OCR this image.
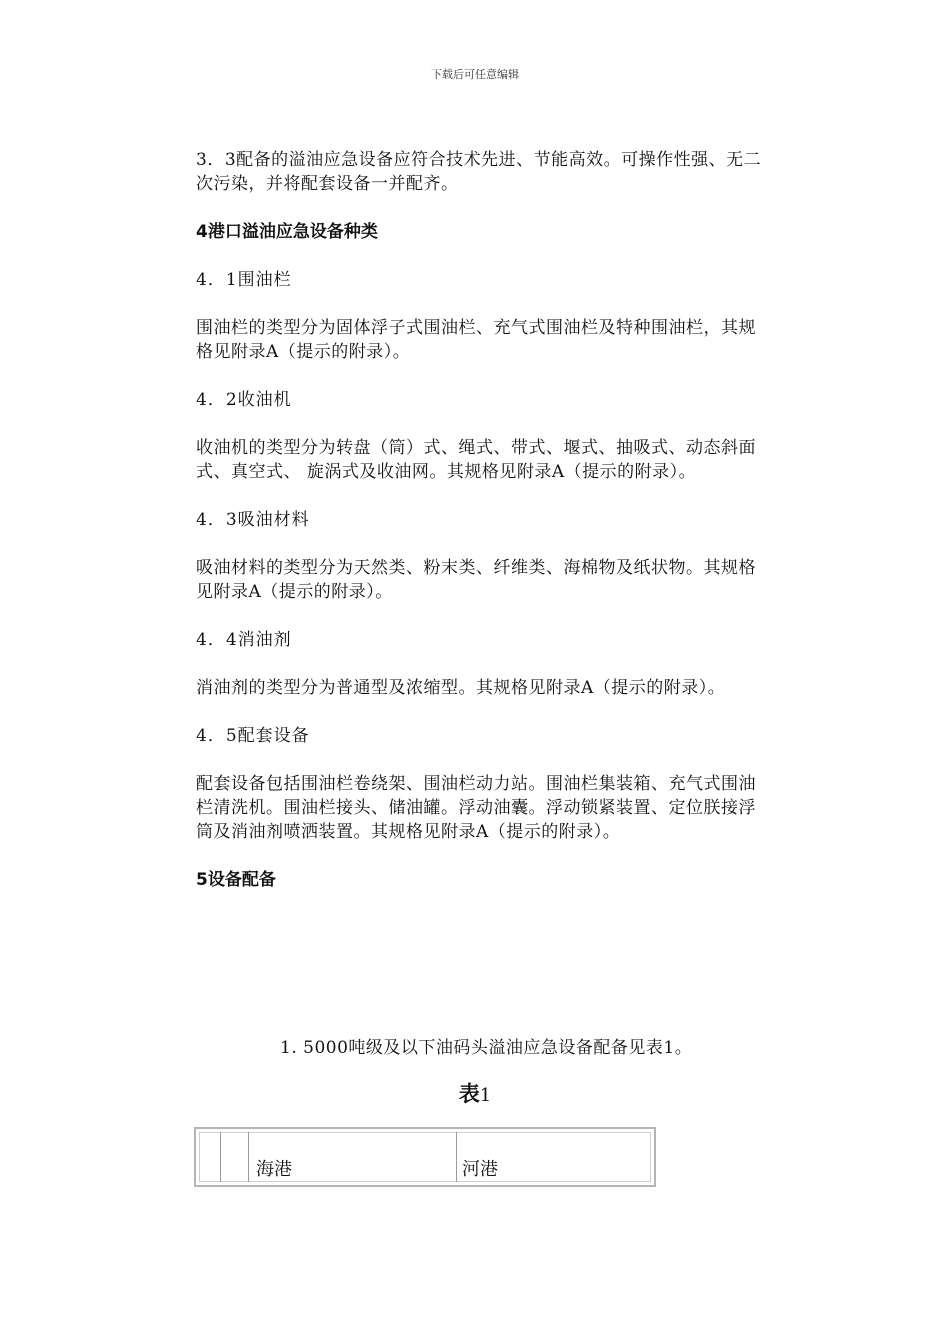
下载后可任意编辑

3．3配备的溢油应急设备应符合技术先进、节能高效。可操作性强、无二次污染，并将配套设备一并配齐。

4港口溢油应急设备种类

4．1围油栏

围油栏的类型分为固体浮子式围油栏、充气式围油栏及特种围油栏，其规格见附录A（提示的附录）。

4．2收油机

收油机的类型分为转盘（筒）式、绳式、带式、堰式、抽吸式、动态斜面式、真空式、 旋涡式及收油网。其规格见附录A（提示的附录）。

4．3吸油材料

吸油材料的类型分为天然类、粉末类、纤维类、海棉物及纸状物。其规格见附录A（提示的附录）。

4．4消油剂

消油剂的类型分为普通型及浓缩型。其规格见附录A（提示的附录）。

4．5配套设备

配套设备包括围油栏卷绕架、围油栏动力站。围油栏集装箱、充气式围油栏清洗机。围油栏接头、储油罐。浮动油囊。浮动锁紧装置、定位朕接浮筒及消油剂喷洒装置。其规格见附录A（提示的附录）。

5设备配备

1. 5000吨级及以下油码头溢油应急设备配备见表1。
表1
海港	河港
